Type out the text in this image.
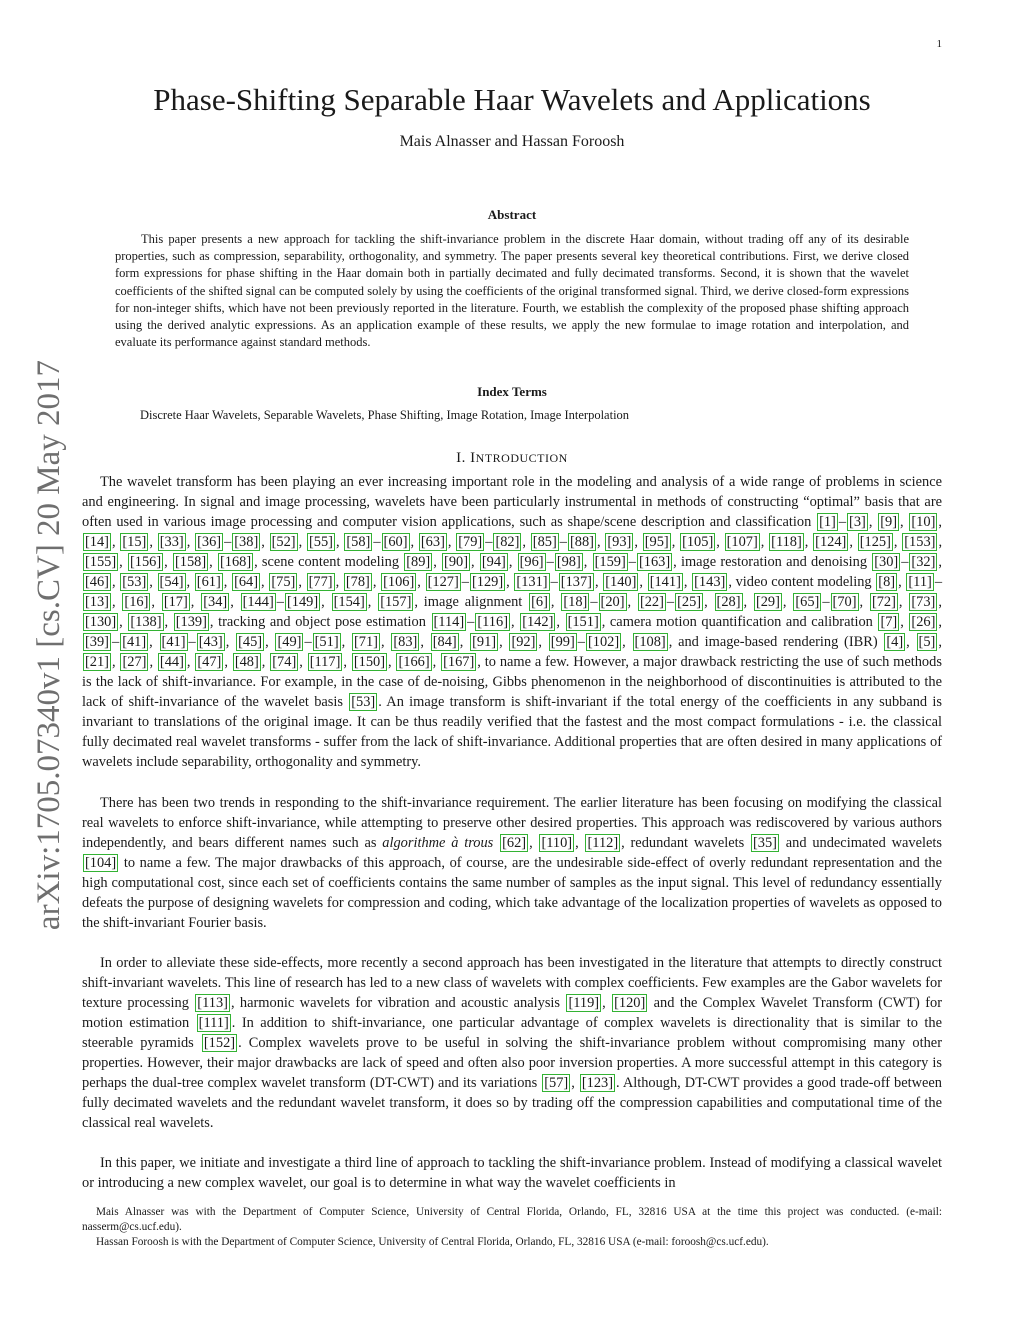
1
arXiv:1705.07340v1 [cs.CV] 20 May 2017
Phase-Shifting Separable Haar Wavelets and Applications
Mais Alnasser and Hassan Foroosh
Abstract

This paper presents a new approach for tackling the shift-invariance problem in the discrete Haar domain, without trading off any of its desirable properties, such as compression, separability, orthogonality, and symmetry. The paper presents several key theoretical contributions. First, we derive closed form expressions for phase shifting in the Haar domain both in partially decimated and fully decimated transforms. Second, it is shown that the wavelet coefficients of the shifted signal can be computed solely by using the coefficients of the original transformed signal. Third, we derive closed-form expressions for non-integer shifts, which have not been previously reported in the literature. Fourth, we establish the complexity of the proposed phase shifting approach using the derived analytic expressions. As an application example of these results, we apply the new formulae to image rotation and interpolation, and evaluate its performance against standard methods.

Index Terms
Discrete Haar Wavelets, Separable Wavelets, Phase Shifting, Image Rotation, Image Interpolation
I. INTRODUCTION

The wavelet transform has been playing an ever increasing important role in the modeling and analysis of a wide range of problems in science and engineering. In signal and image processing, wavelets have been particularly instrumental in methods of constructing “optimal” basis that are often used in various image processing and computer vision applications, such as shape/scene description and classification [1] – [3] , [9] , [10] , [14] , [15] , [33] , [36] – [38] , [52] , [55] , [58] – [60] , [63] , [79] – [82] , [85] – [88] , [93] , [95] , [105] , [107] , [118] , [124] , [125] , [153] , [155] , [156] , [158] , [168] , scene content modeling [89] , [90] , [94] , [96] – [98] , [159] – [163] , image restoration and denoising [30] – [32] , [46] , [53] , [54] , [61] , [64] , [75] , [77] , [78] , [106] , [127] – [129] , [131] – [137] , [140] , [141] , [143] , video content modeling [8] , [11] –[13] , [16] , [17] , [34] , [144] – [149] , [154] , [157] , image alignment [6] , [18] – [20] , [22] – [25] , [28] , [29] , [65] – [70] , [72] , [73] , [130] , [138] , [139] , tracking and object pose estimation [114] – [116] , [142] , [151] , camera motion quantification and calibration [7] , [26] , [39] – [41] , [41] – [43] , [45] , [49] – [51] , [71] , [83] , [84] , [91] , [92] , [99] – [102] , [108] , and image-based rendering (IBR) [4] , [5] , [21] , [27] , [44] , [47] , [48] , [74] , [117] , [150] , [166] , [167] , to name a few. However, a major drawback restricting the use of such methods is the lack of shift-invariance. For example, in the case of de-noising, Gibbs phenomenon in the neighborhood of discontinuities is attributed to the lack of shift-invariance of the wavelet basis [53] . An image transform is shift-invariant if the total energy of the coefficients in any subband is invariant to translations of the original image. It can be thus readily verified that the fastest and the most compact formulations - i.e. the classical fully decimated real wavelet transforms - suffer from the lack of shift-invariance. Additional properties that are often desired in many applications of wavelets include separability, orthogonality and symmetry.

There has been two trends in responding to the shift-invariance requirement. The earlier literature has been focusing on modifying the classical real wavelets to enforce shift-invariance, while attempting to preserve other desired properties. This approach was rediscovered by various authors independently, and bears different names such as algorithme à trous [62] , [110] , [112] , redundant wavelets [35] and undecimated wavelets [104] to name a few. The major drawbacks of this approach, of course, are the undesirable side-effect of overly redundant representation and the high computational cost, since each set of coefficients contains the same number of samples as the input signal. This level of redundancy essentially defeats the purpose of designing wavelets for compression and coding, which take advantage of the localization properties of wavelets as opposed to the shift-invariant Fourier basis.

In order to alleviate these side-effects, more recently a second approach has been investigated in the literature that attempts to directly construct shift-invariant wavelets. This line of research has led to a new class of wavelets with complex coefficients. Few examples are the Gabor wavelets for texture processing [113] , harmonic wavelets for vibration and acoustic analysis [119] , [120] and the Complex Wavelet Transform (CWT) for motion estimation [111] . In addition to shift-invariance, one particular advantage of complex wavelets is directionality that is similar to the steerable pyramids [152] . Complex wavelets prove to be useful in solving the shift-invariance problem without compromising many other properties. However, their major drawbacks are lack of speed and often also poor inversion properties. A more successful attempt in this category is perhaps the dual-tree complex wavelet transform (DT-CWT) and its variations [57] , [123] . Although, DT-CWT provides a good trade-off between fully decimated wavelets and the redundant wavelet transform, it does so by trading off the compression capabilities and computational time of the classical real wavelets.

In this paper, we initiate and investigate a third line of approach to tackling the shift-invariance problem. Instead of modifying a classical wavelet or introducing a new complex wavelet, our goal is to determine in what way the wavelet coefficients in

Mais Alnasser was with the Department of Computer Science, University of Central Florida, Orlando, FL, 32816 USA at the time this project was conducted. (e-mail: nasserm@cs.ucf.edu).

Hassan Foroosh is with the Department of Computer Science, University of Central Florida, Orlando, FL, 32816 USA (e-mail: foroosh@cs.ucf.edu).
